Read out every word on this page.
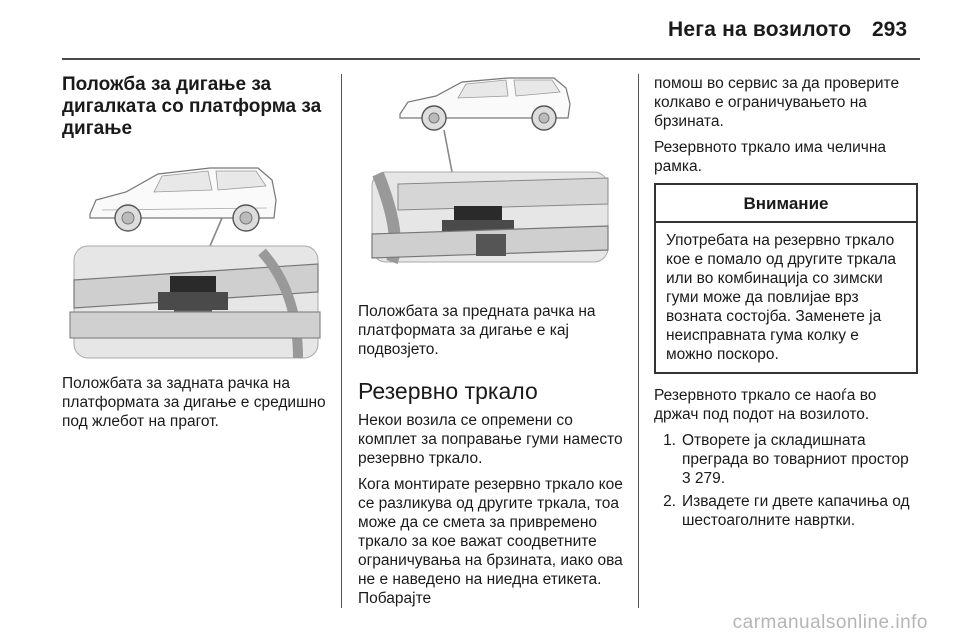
Нега на возилото 293
Положба за дигање за дигалката со платформа за дигање
Положбата за задната рачка на платформата за дигање е средишно под жлебот на прагот.
Положбата за предната рачка на платформата за дигање е кај подвозјето.
Резервно тркало

Некои возила се опремени со комплет за поправање гуми наместо резервно тркало.

Кога монтирате резервно тркало кое се разликува од другите тркала, тоа може да се смета за привремено тркало за кое важат соодветните ограничувања на брзината, иако ова не е наведено на ниедна етикета. Побарајте

помош во сервис за да проверите колкаво е ограничувањето на брзината.

Резервното тркало има челична рамка.

Внимание
Употребата на резервно тркало кое е помало од другите тркала или во комбинација со зимски гуми може да повлијае врз возната состојба. Заменете ја неисправната гума колку е можно поскоро.

Резервното тркало се наоѓа во држач под подот на возилото.

1. Отворете ја складишната преграда во товарниот простор
3 279.
2. Извадете ги двете капачиња од шестоаголните навртки.
carmanualsonline.info
